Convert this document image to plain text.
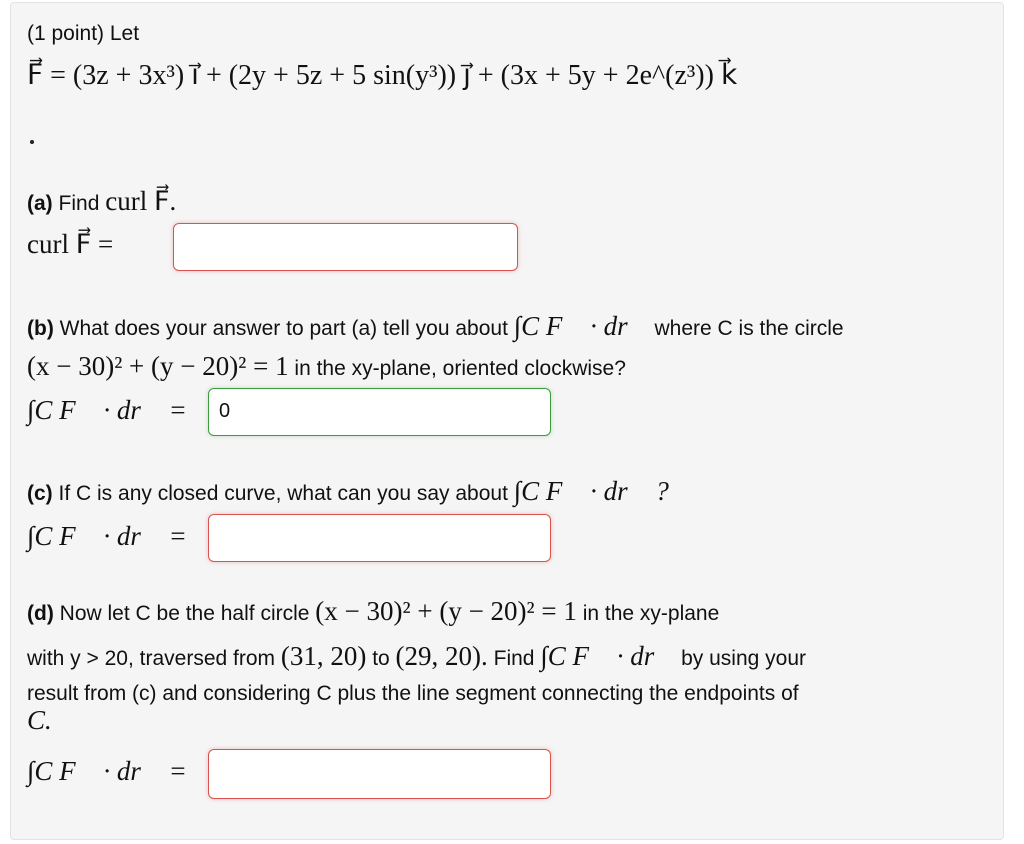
(1 point) Let
F⃗ = (3z + 3x³) ı⃗ + (2y + 5z + 5 sin(y³)) ȷ⃗ + (3x + 5y + 2e^(z³)) k⃗
(a) Find curl F⃗.
curl F⃗ =
(b) What does your answer to part (a) tell you about ∫C F⃗ · dr⃗ where C is the circle
(x − 30)² + (y − 20)² = 1 in the xy-plane, oriented clockwise?
∫C F⃗ · dr⃗ =	0
(c) If C is any closed curve, what can you say about ∫C F⃗ · dr⃗ ?
∫C F⃗ · dr⃗ =
(d) Now let C be the half circle (x − 30)² + (y − 20)² = 1 in the xy-plane
with y > 20, traversed from (31, 20) to (29, 20). Find ∫C F⃗ · dr⃗ by using your
result from (c) and considering C plus the line segment connecting the endpoints of
C.
∫C F⃗ · dr⃗ =
